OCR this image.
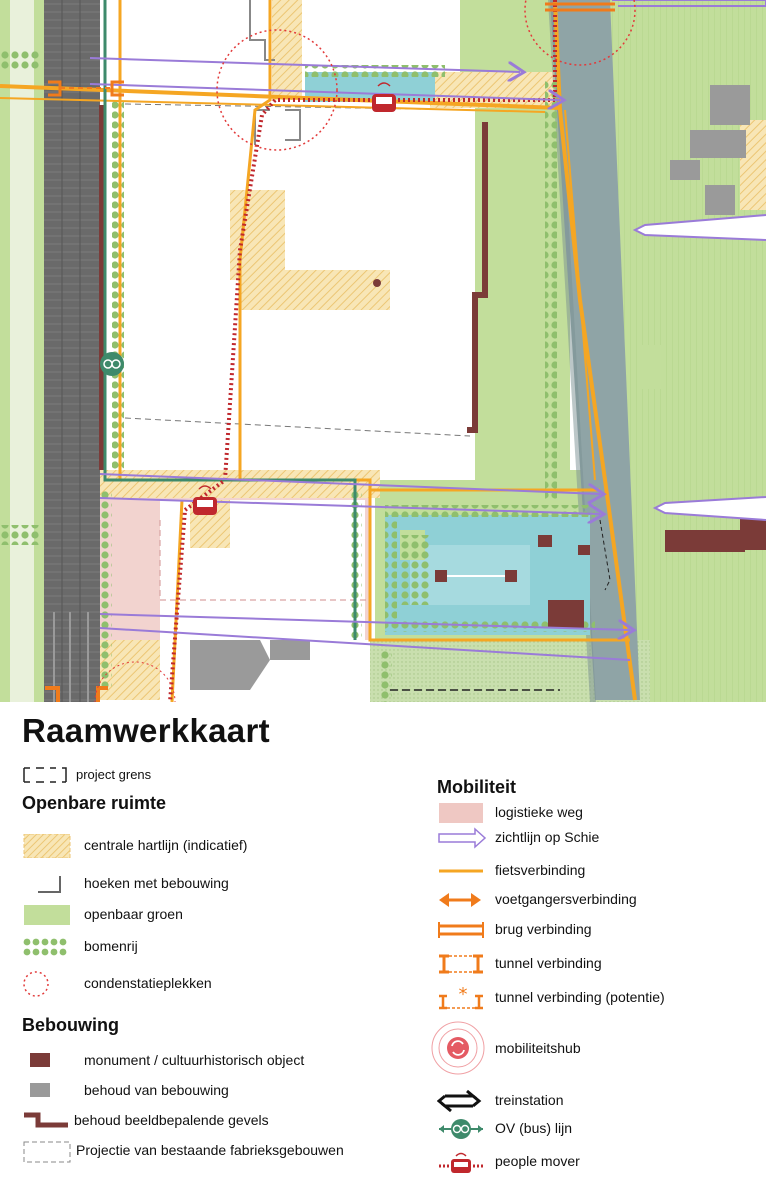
Raamwerkkaart
project grens
Openbare ruimte
centrale hartlijn (indicatief)
hoeken met bebouwing
openbaar groen
bomenrij
condenstatieplekken
Bebouwing
monument / cultuurhistorisch object
behoud van bebouwing
behoud beeldbepalende gevels
Projectie van bestaande fabrieksgebouwen
Mobiliteit
logistieke weg
zichtlijn op Schie
fietsverbinding
voetgangersverbinding
brug verbinding
tunnel verbinding
* tunnel verbinding (potentie)
mobiliteitshub
treinstation
OV (bus) lijn
people mover
